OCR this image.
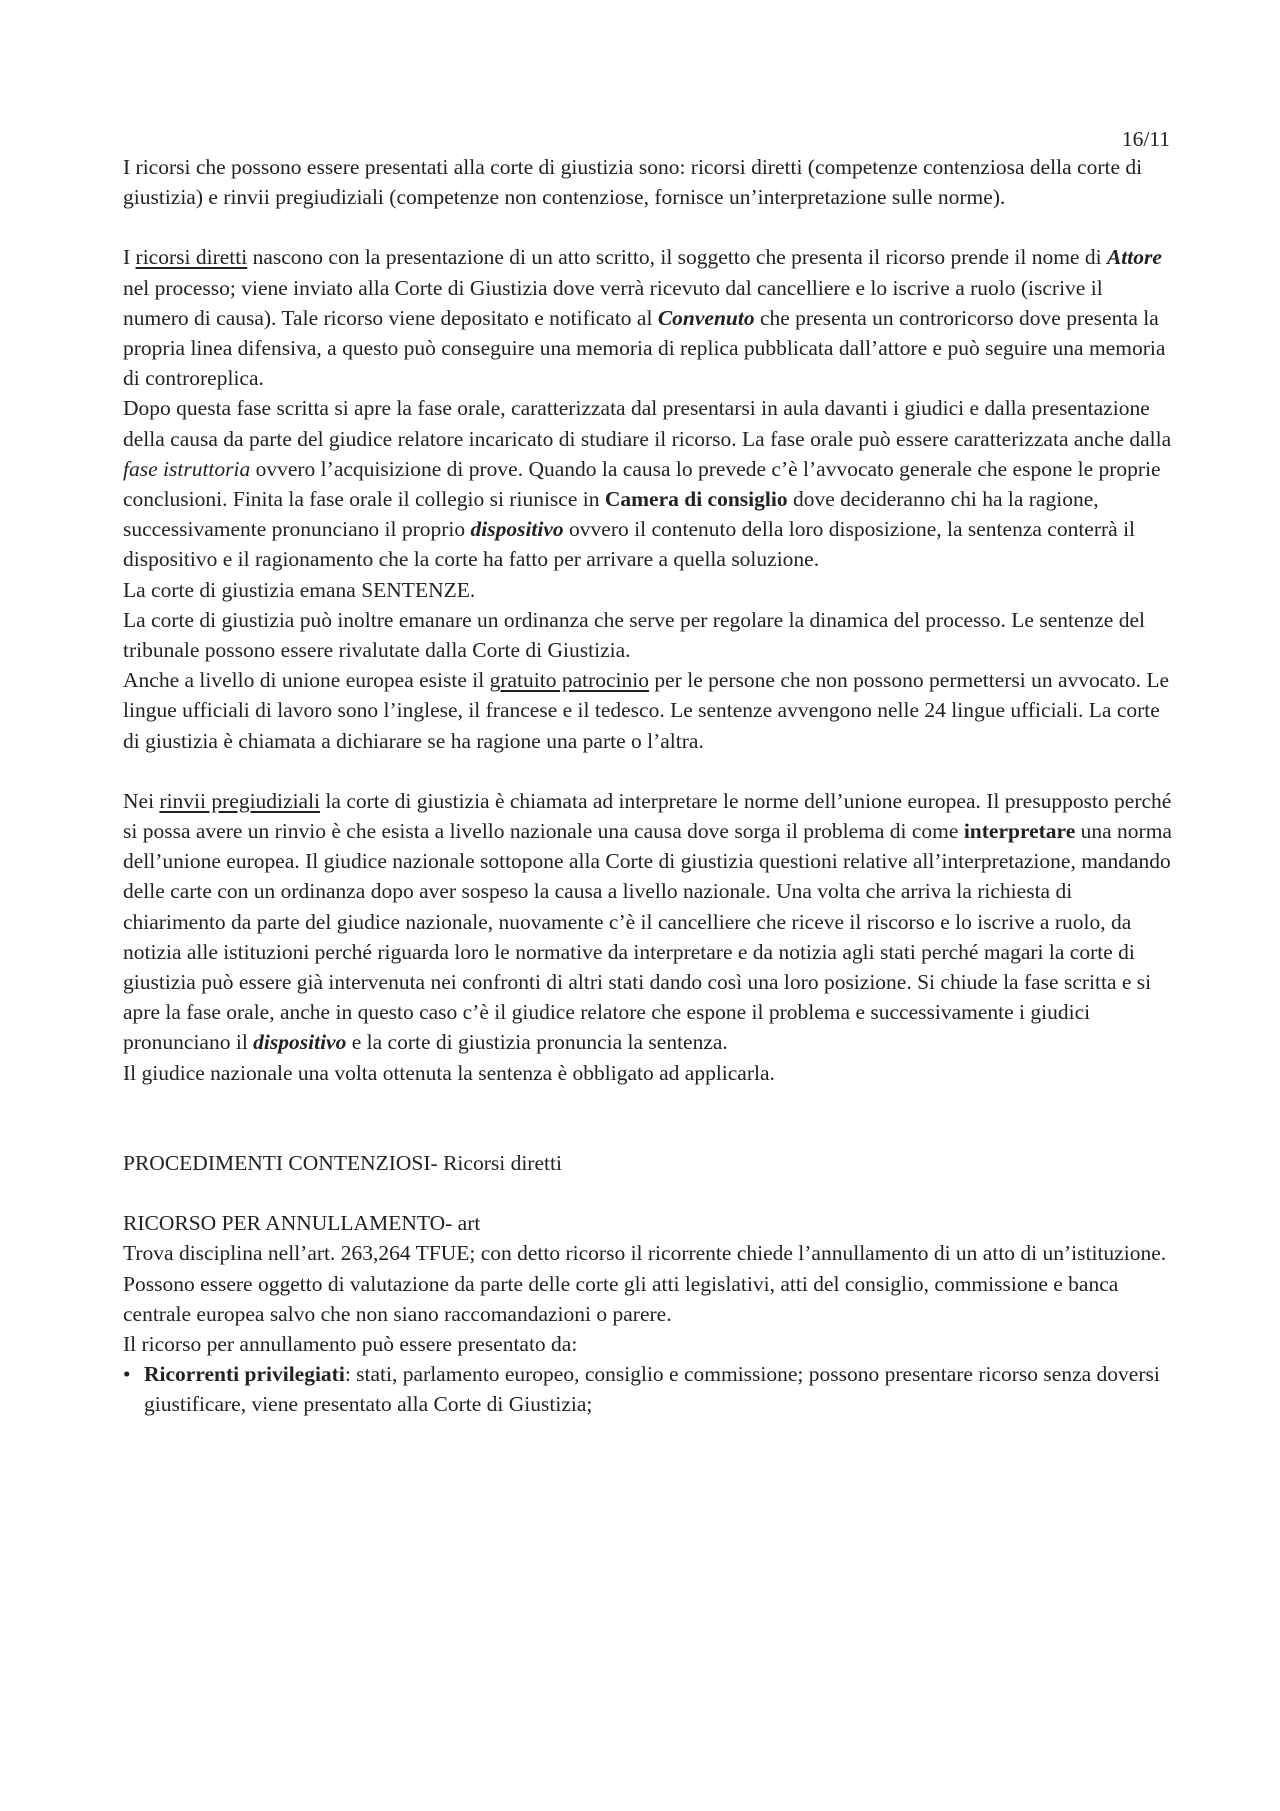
16/11

I ricorsi che possono essere presentati alla corte di giustizia sono: ricorsi diretti (competenze contenziosa della corte di giustizia) e rinvii pregiudiziali (competenze non contenziose, fornisce un’interpretazione sulle norme).

I ricorsi diretti nascono con la presentazione di un atto scritto, il soggetto che presenta il ricorso prende il nome di Attore nel processo; viene inviato alla Corte di Giustizia dove verrà ricevuto dal cancelliere e lo iscrive a ruolo (iscrive il numero di causa). Tale ricorso viene depositato e notificato al Convenuto che presenta un controricorso dove presenta la propria linea difensiva, a questo può conseguire una memoria di replica pubblicata dall’attore e può seguire una memoria di controreplica.

Dopo questa fase scritta si apre la fase orale, caratterizzata dal presentarsi in aula davanti i giudici e dalla presentazione della causa da parte del giudice relatore incaricato di studiare il ricorso. La fase orale può essere caratterizzata anche dalla fase istruttoria ovvero l’acquisizione di prove. Quando la causa lo prevede c’è l’avvocato generale che espone le proprie conclusioni. Finita la fase orale il collegio si riunisce in Camera di consiglio dove decideranno chi ha la ragione, successivamente pronunciano il proprio dispositivo ovvero il contenuto della loro disposizione, la sentenza conterrà il dispositivo e il ragionamento che la corte ha fatto per arrivare a quella soluzione.

La corte di giustizia emana SENTENZE.

La corte di giustizia può inoltre emanare un ordinanza che serve per regolare la dinamica del processo. Le sentenze del tribunale possono essere rivalutate dalla Corte di Giustizia.

Anche a livello di unione europea esiste il gratuito patrocinio per le persone che non possono permettersi un avvocato. Le lingue ufficiali di lavoro sono l’inglese, il francese e il tedesco. Le sentenze avvengono nelle 24 lingue ufficiali. La corte di giustizia è chiamata a dichiarare se ha ragione una parte o l’altra.

Nei rinvii pregiudiziali la corte di giustizia è chiamata ad interpretare le norme dell’unione europea. Il presupposto perché si possa avere un rinvio è che esista a livello nazionale una causa dove sorga il problema di come interpretare una norma dell’unione europea. Il giudice nazionale sottopone alla Corte di giustizia questioni relative all’interpretazione, mandando delle carte con un ordinanza dopo aver sospeso la causa a livello nazionale. Una volta che arriva la richiesta di chiarimento da parte del giudice nazionale, nuovamente c’è il cancelliere che riceve il riscorso e lo iscrive a ruolo, da notizia alle istituzioni perché riguarda loro le normative da interpretare e da notizia agli stati perché magari la corte di giustizia può essere già intervenuta nei confronti di altri stati dando così una loro posizione. Si chiude la fase scritta e si apre la fase orale, anche in questo caso c’è il giudice relatore che espone il problema e successivamente i giudici pronunciano il dispositivo e la corte di giustizia pronuncia la sentenza.

Il giudice nazionale una volta ottenuta la sentenza è obbligato ad applicarla.

PROCEDIMENTI CONTENZIOSI- Ricorsi diretti

RICORSO PER ANNULLAMENTO- art

Trova disciplina nell’art. 263,264 TFUE; con detto ricorso il ricorrente chiede l’annullamento di un atto di un’istituzione. Possono essere oggetto di valutazione da parte delle corte gli atti legislativi, atti del consiglio, commissione e banca centrale europea salvo che non siano raccomandazioni o parere.

Il ricorso per annullamento può essere presentato da:

• Ricorrenti privilegiati: stati, parlamento europeo, consiglio e commissione; possono presentare ricorso senza doversi giustificare, viene presentato alla Corte di Giustizia;
